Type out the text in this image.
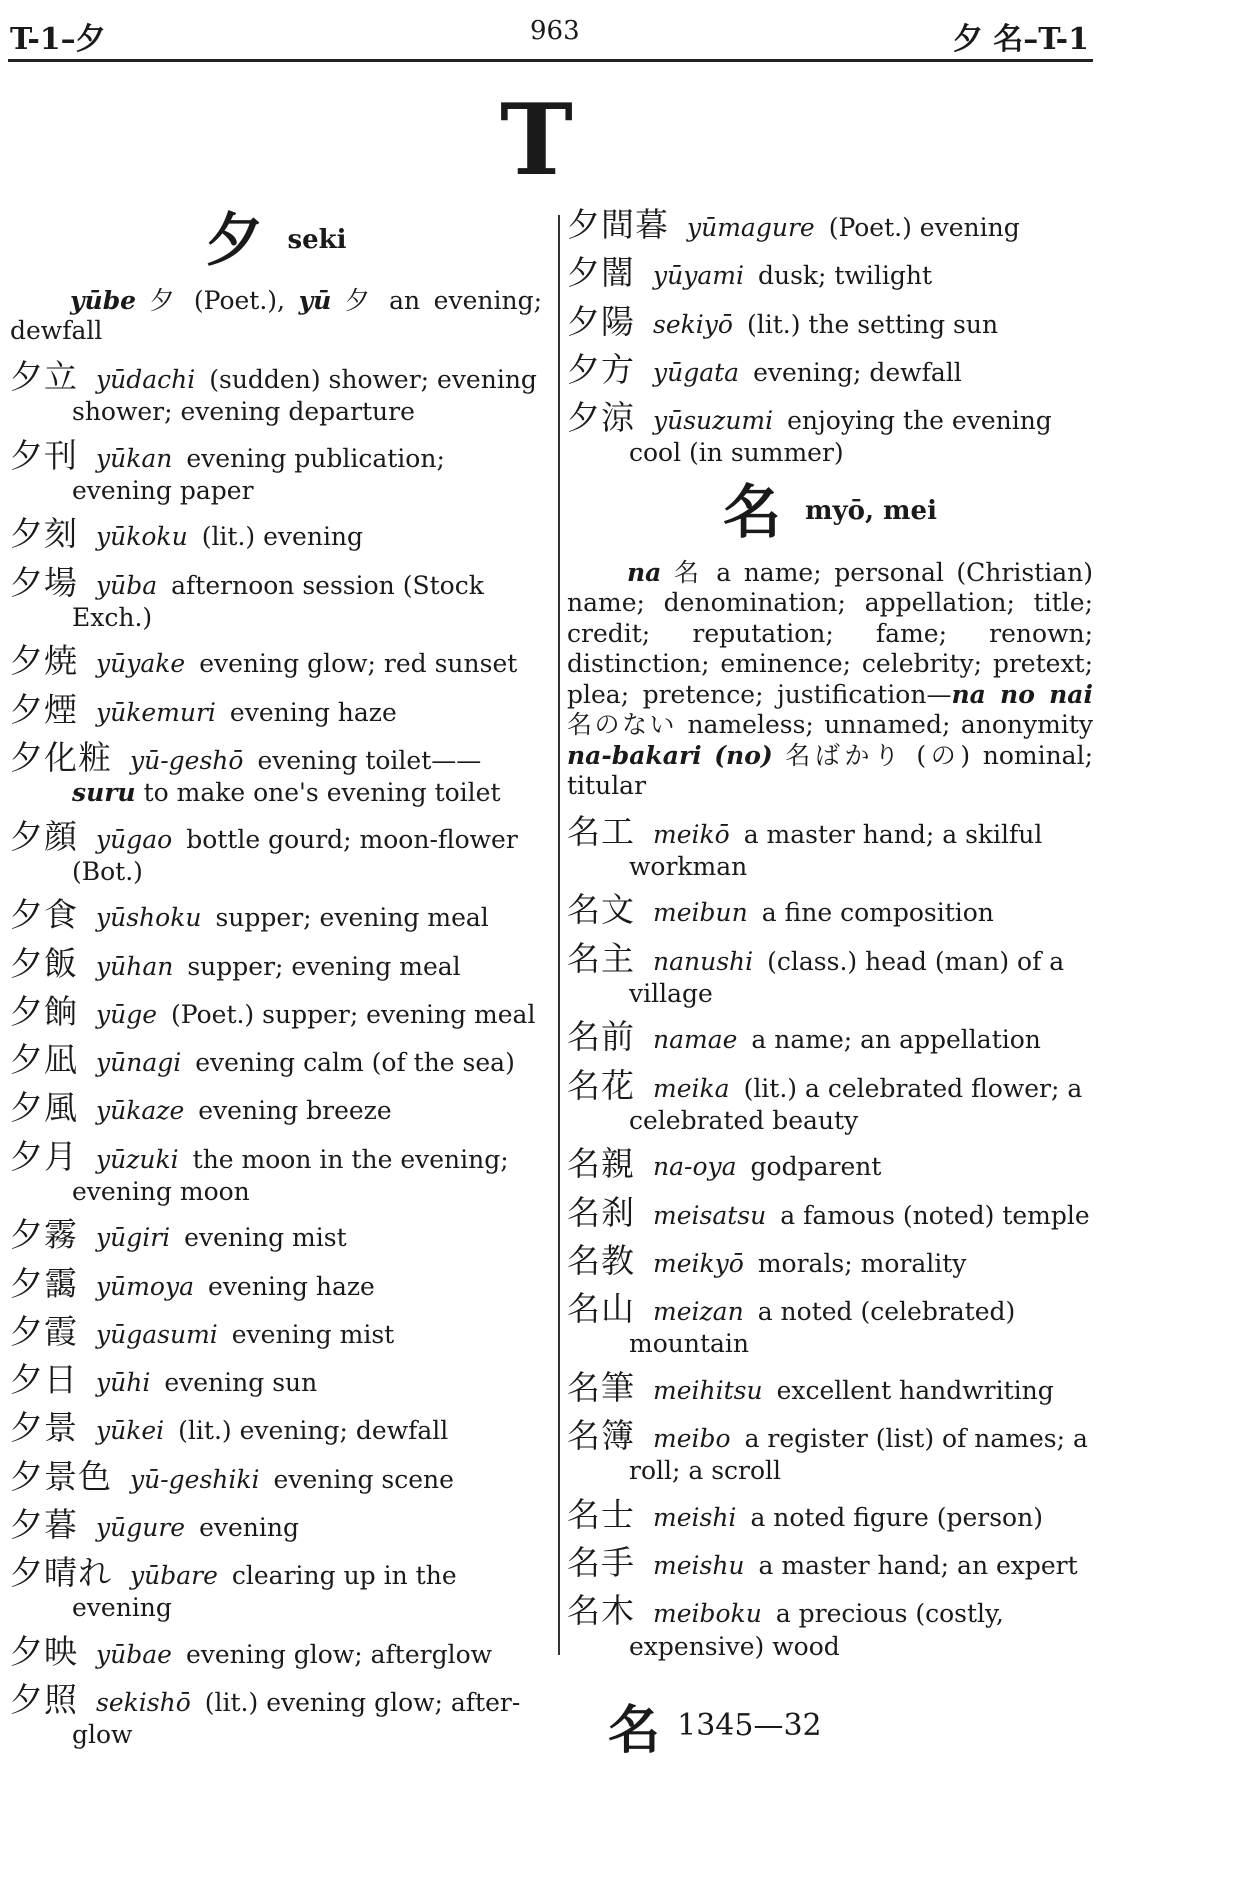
T-1–夕	963	夕 名–T-1
T
夕 seki

yūbe 夕 (Poet.), yū 夕 an evening; dewfall

夕立 yūdachi (sudden) shower; evening shower; evening departure

夕刊 yūkan evening publication; evening paper

夕刻 yūkoku (lit.) evening

夕場 yūba afternoon session (Stock Exch.)

夕焼 yūyake evening glow; red sunset

夕煙 yūkemuri evening haze

夕化粧 yū-geshō evening toilet——suru to make one's evening toilet

夕顔 yūgao bottle gourd; moon-flower (Bot.)

夕食 yūshoku supper; evening meal

夕飯 yūhan supper; evening meal

夕餉 yūge (Poet.) supper; evening meal

夕凪 yūnagi evening calm (of the sea)

夕風 yūkaze evening breeze

夕月 yūzuki the moon in the evening; evening moon

夕霧 yūgiri evening mist

夕靄 yūmoya evening haze

夕霞 yūgasumi evening mist

夕日 yūhi evening sun

夕景 yūkei (lit.) evening; dewfall

夕景色 yū-geshiki evening scene

夕暮 yūgure evening

夕晴れ yūbare clearing up in the evening

夕映 yūbae evening glow; afterglow

夕照 sekishō (lit.) evening glow; after-glow

夕間暮 yūmagure (Poet.) evening

夕闇 yūyami dusk; twilight

夕陽 sekiyō (lit.) the setting sun

夕方 yūgata evening; dewfall

夕涼 yūsuzumi enjoying the evening cool (in summer)

名 myō, mei

na 名 a name; personal (Christian) name; denomination; appellation; title; credit; reputation; fame; renown; distinction; eminence; celebrity; pretext; plea; pretence; justification—na no nai 名のない nameless; unnamed; anonymity na-bakari (no) 名ばかり (の) nominal; titular

名工 meikō a master hand; a skilful workman

名文 meibun a fine composition

名主 nanushi (class.) head (man) of a village

名前 namae a name; an appellation

名花 meika (lit.) a celebrated flower; a celebrated beauty

名親 na-oya godparent

名刹 meisatsu a famous (noted) temple

名教 meikyō morals; morality

名山 meizan a noted (celebrated) mountain

名筆 meihitsu excellent handwriting

名簿 meibo a register (list) of names; a roll; a scroll

名士 meishi a noted figure (person)

名手 meishu a master hand; an expert

名木 meiboku a precious (costly, expensive) wood

名 1345—32
